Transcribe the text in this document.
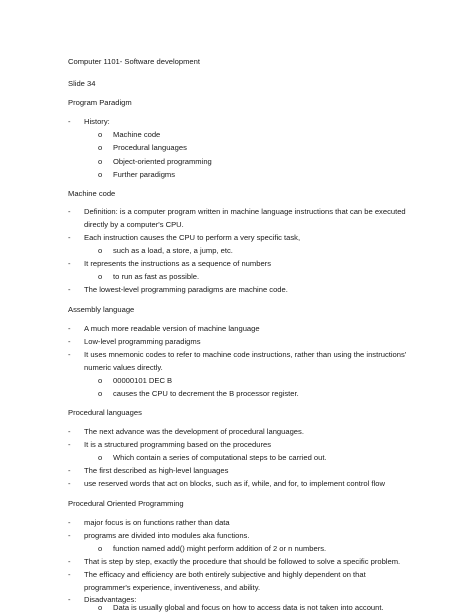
Computer 1101- Software development
Slide 34
Program Paradigm
-	History:
o Machine code
o Procedural languages
o Object-oriented programming
o Further paradigms
Machine code
-	Definition: is a computer program written in machine language instructions that can be executed
directly by a computer's CPU.
-	Each instruction causes the CPU to perform a very specific task,
o such as a load, a store, a jump, etc.
-	It represents the instructions as a sequence of numbers
o to run as fast as possible.
-	The lowest-level programming paradigms are machine code.
Assembly language
-	A much more readable version of machine language
-	Low-level programming paradigms
-	It uses mnemonic codes to refer to machine code instructions, rather than using the instructions'
numeric values directly.
o 00000101 DEC B
o causes the CPU to decrement the B processor register.
Procedural languages
-	The next advance was the development of procedural languages.
-	It is a structured programming based on the procedures
o Which contain a series of computational steps to be carried out.
-	The first described as high-level languages
-	use reserved words that act on blocks, such as if, while, and for, to implement control flow
Procedural Oriented Programming
-	major focus is on functions rather than data
-	programs are divided into modules aka functions.
o function named add() might perform addition of 2 or n numbers.
-	That is step by step, exactly the procedure that should be followed to solve a specific problem.
-	The efficacy and efficiency are both entirely subjective and highly dependent on that
programmer's experience, inventiveness, and ability.
-	Disadvantages:
o Data is usually global and focus on how to access data is not taken into account.
